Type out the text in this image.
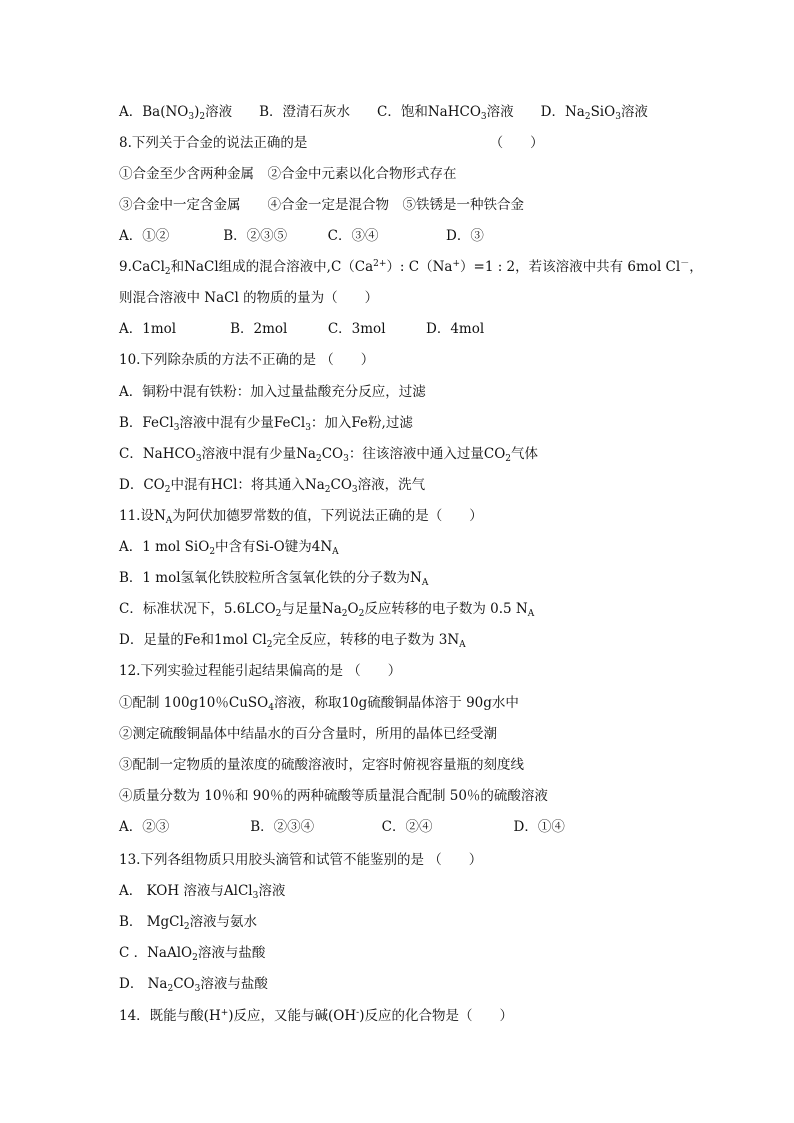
A．$Ba(NO_3)_2$溶液　　B．澄清石灰水　　C．饱和NaHCO$_3$溶液　　D．$Na_2SiO_3$溶液
8.下列关于合金的说法正确的是　　　　　　　　　　　　　　（　　）
①合金至少含两种金属　②合金中元素以化合物形式存在
③合金中一定含金属　　④合金一定是混合物　⑤铁锈是一种铁合金
A．①②　　　　B．②③⑤　　　C．③④　　　　　D．③
9.CaCl$_2$和NaCl组成的混合溶液中$,C(Ca^{2+})$: C（Na+）=1 : 2，若该溶液中共有 6mol Cl－，
则混合溶液中 NaCl 的物质的量为（　　）
A．1mol　　　　B．2mol　　　C．3mol　　　D．4mol
10.下列除杂质的方法不正确的是 （　　）
A．铜粉中混有铁粉：加入过量盐酸充分反应，过滤
B．FeCl$_3$溶液中混有少量FeCl$_3$：加入Fe粉,过滤
C．NaHCO$_3$溶液中混有少量$Na_2CO_3$：往该溶液中通入过量$CO_2$气体
D．$CO_2$中混有HCl：将其通入$Na_2CO_3$溶液，洗气
11.设$N_A$为阿伏加德罗常数的值，下列说法正确的是（　　）
A．1 mol SiO$_2$中含有Si-O键为$4N_A$
B．1 mol氢氧化铁胶粒所含氢氧化铁的分子数为$N_A$
C．标准状况下，$5.6LCO_2$与足量$Na_2O_2$反应转移的电子数为 0.5 $N_A$
D．足量的Fe和1mol $Cl_2$完全反应，转移的电子数为 $3N_A$
12.下列实验过程能引起结果偏高的是 （　　）
①配制 100g10％CuSO$_4$溶液，称取10g硫酸铜晶体溶于 90g水中
②测定硫酸铜晶体中结晶水的百分含量时，所用的晶体已经受潮
③配制一定物质的量浓度的硫酸溶液时，定容时俯视容量瓶的刻度线
④质量分数为 10％和 90％的两种硫酸等质量混合配制 50％的硫酸溶液
A．②③　　　　　　B．②③④　　　　　C．②④　　　　　　D．①④
13.下列各组物质只用胶头滴管和试管不能鉴别的是 （　　）
A． KOH 溶液与AlCl$_3$溶液
B． MgCl$_2$溶液与氨水
C ．NaAlO$_2$溶液与盐酸
D． $Na_2CO_3$溶液与盐酸
14．既能与酸(H+)反应，又能与碱(OH-)反应的化合物是（　　）
